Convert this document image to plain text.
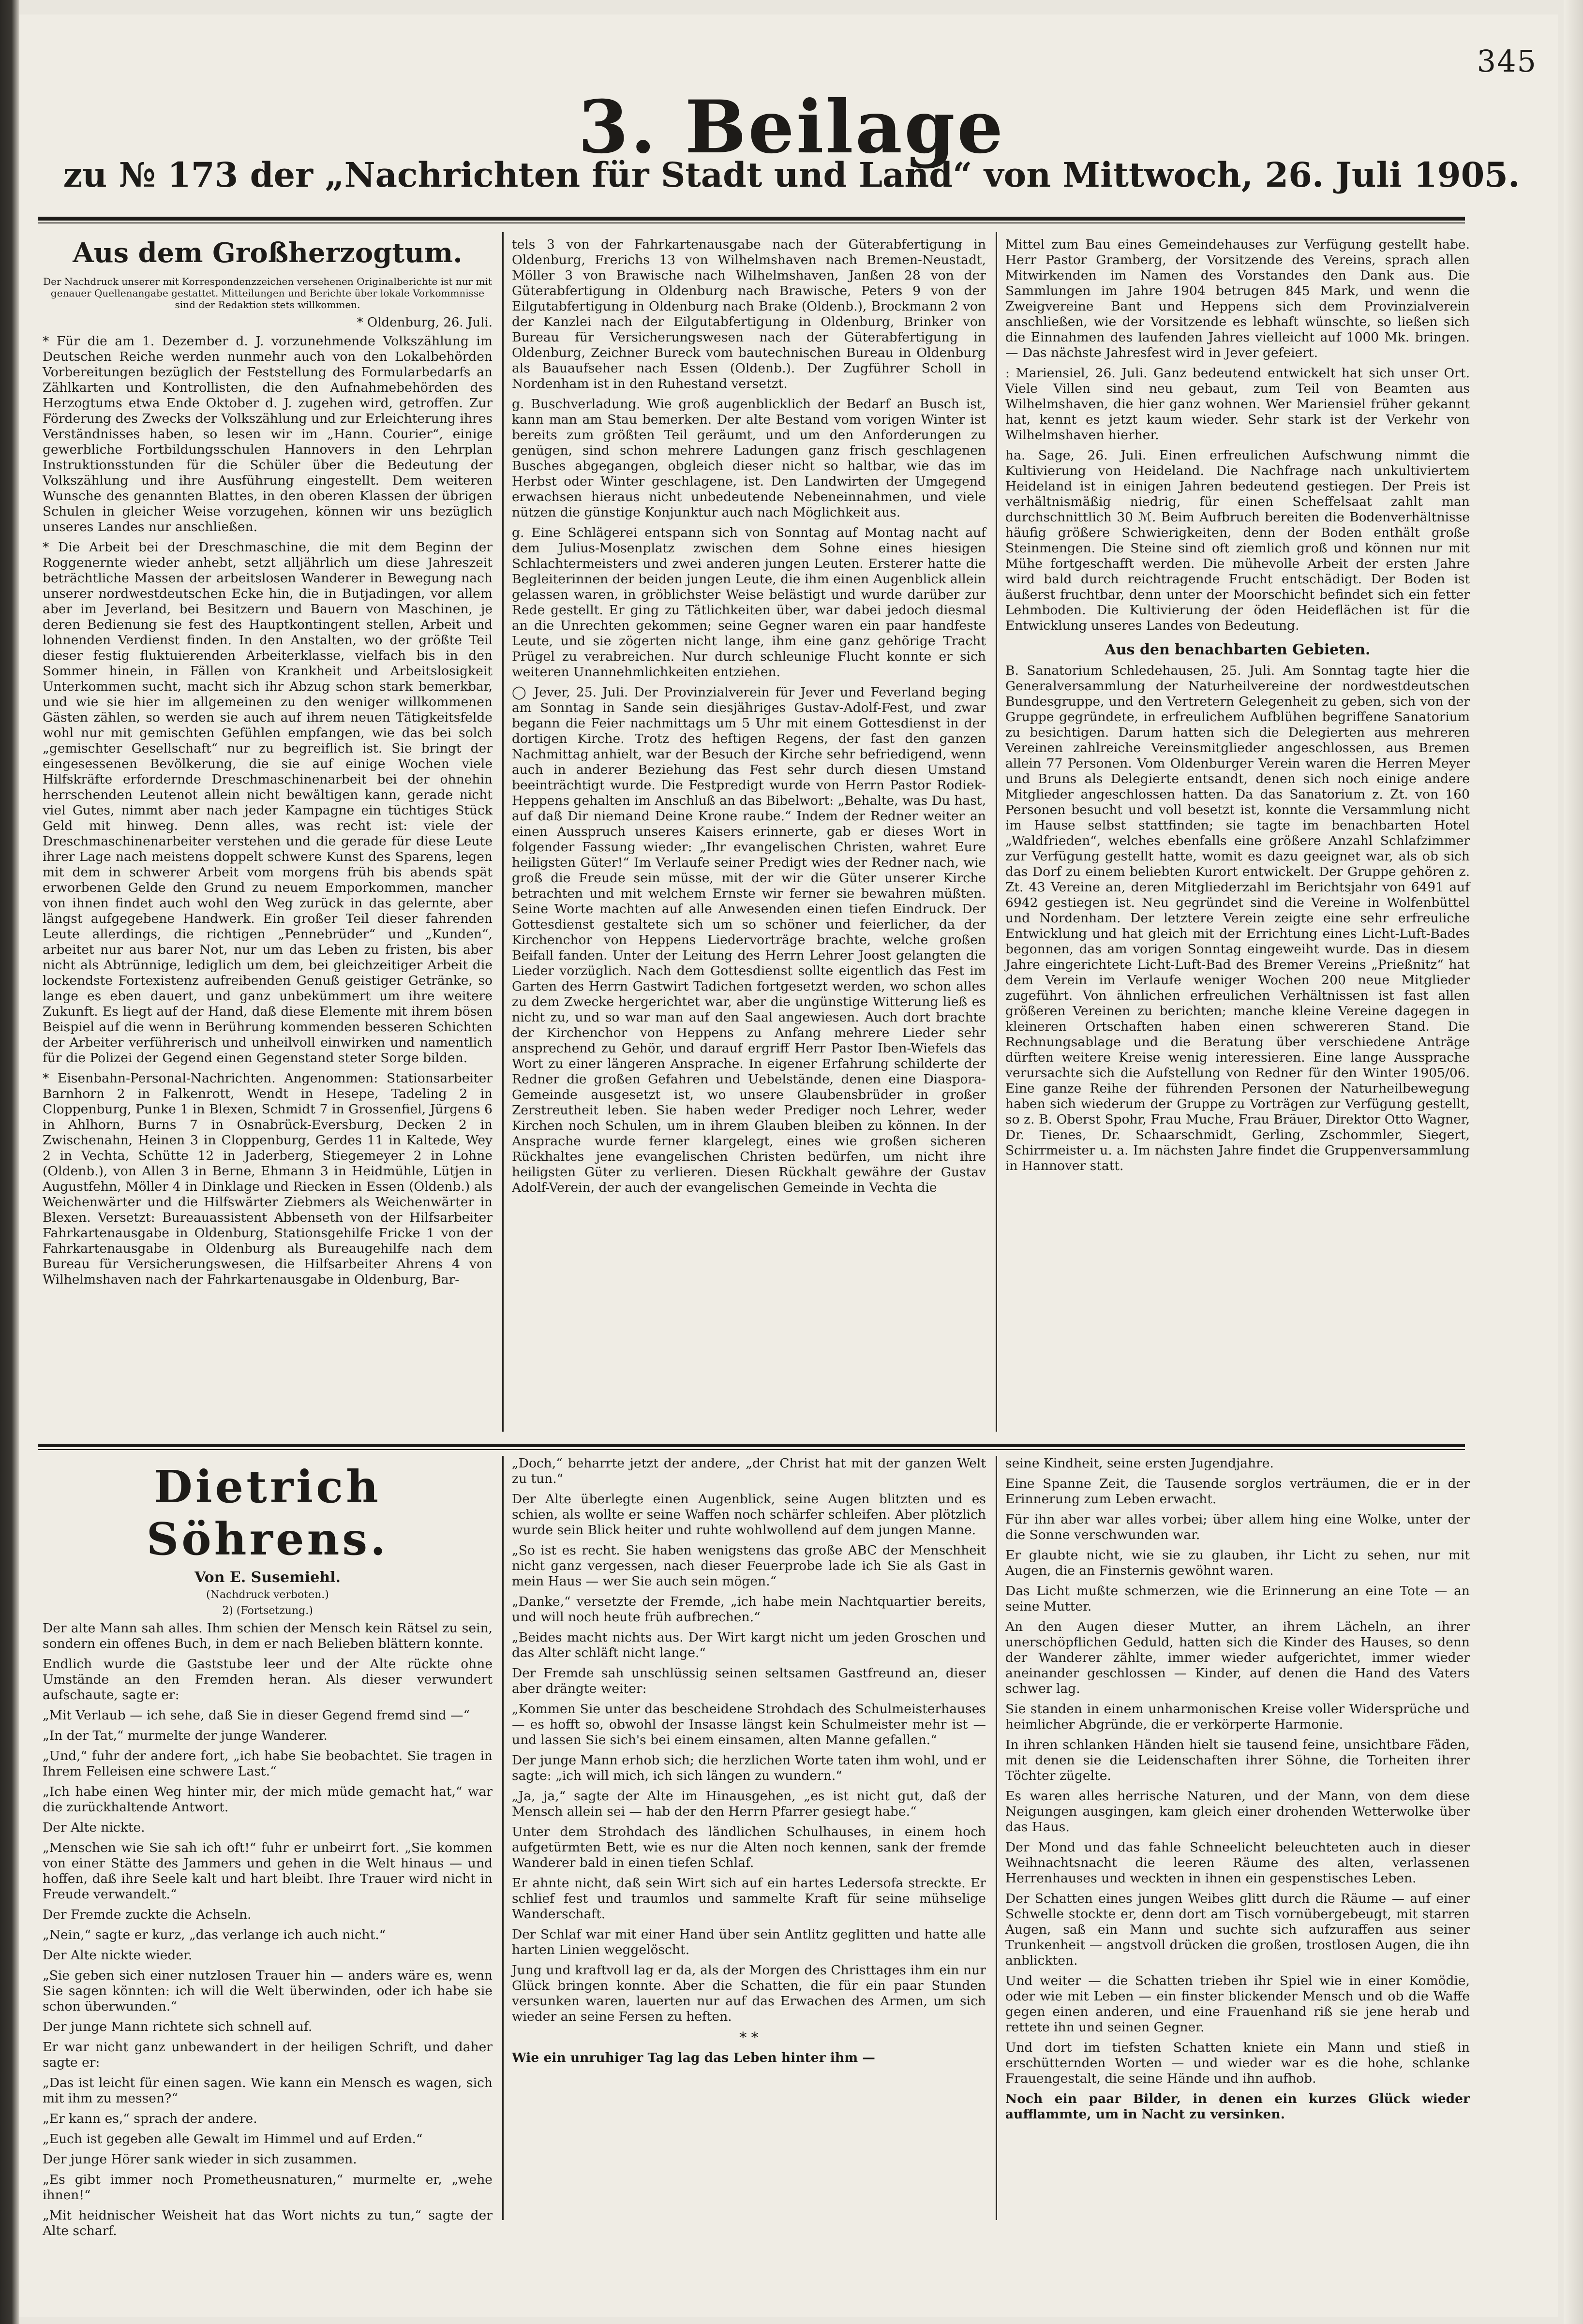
345
3. Beilage
zu № 173 der „Nachrichten für Stadt und Land“ von Mittwoch, 26. Juli 1905.
Aus dem Großherzogtum.
Der Nachdruck unserer mit Korrespondenzzeichen versehenen Originalberichte ist nur mit genauer Quellenangabe gestattet. Mitteilungen und Berichte über lokale Vorkommnisse sind der Redaktion stets willkommen.
* Oldenburg, 26. Juli.

* Für die am 1. Dezember d. J. vorzunehmende Volkszählung im Deutschen Reiche werden nunmehr auch von den Lokalbehörden Vorbereitungen bezüglich der Feststellung des Formularbedarfs an Zählkarten und Kontrollisten, die den Aufnahmebehörden des Herzogtums etwa Ende Oktober d. J. zugehen wird, getroffen. Zur Förderung des Zwecks der Volkszählung und zur Erleichterung ihres Verständnisses haben, so lesen wir im „Hann. Courier“, einige gewerbliche Fortbildungsschulen Hannovers in den Lehrplan Instruktionsstunden für die Schüler über die Bedeutung der Volkszählung und ihre Ausführung eingestellt. Dem weiteren Wunsche des genannten Blattes, in den oberen Klassen der übrigen Schulen in gleicher Weise vorzugehen, können wir uns bezüglich unseres Landes nur anschließen.

* Die Arbeit bei der Dreschmaschine, die mit dem Beginn der Roggenernte wieder anhebt, setzt alljährlich um diese Jahreszeit beträchtliche Massen der arbeitslosen Wanderer in Bewegung nach unserer nordwestdeutschen Ecke hin, die in Butjadingen, vor allem aber im Jeverland, bei Besitzern und Bauern von Maschinen, je deren Bedienung sie fest des Hauptkontingent stellen, Arbeit und lohnenden Verdienst finden. In den Anstalten, wo der größte Teil dieser festig fluktuierenden Arbeiterklasse, vielfach bis in den Sommer hinein, in Fällen von Krankheit und Arbeitslosigkeit Unterkommen sucht, macht sich ihr Abzug schon stark bemerkbar, und wie sie hier im allgemeinen zu den weniger willkommenen Gästen zählen, so werden sie auch auf ihrem neuen Tätigkeitsfelde wohl nur mit gemischten Gefühlen empfangen, wie das bei solch „gemischter Gesellschaft“ nur zu begreiflich ist. Sie bringt der eingesessenen Bevölkerung, die sie auf einige Wochen viele Hilfskräfte erfordernde Dreschmaschinenarbeit bei der ohnehin herrschenden Leutenot allein nicht bewältigen kann, gerade nicht viel Gutes, nimmt aber nach jeder Kampagne ein tüchtiges Stück Geld mit hinweg. Denn alles, was recht ist: viele der Dreschmaschinenarbeiter verstehen und die gerade für diese Leute ihrer Lage nach meistens doppelt schwere Kunst des Sparens, legen mit dem in schwerer Arbeit vom morgens früh bis abends spät erworbenen Gelde den Grund zu neuem Emporkommen, mancher von ihnen findet auch wohl den Weg zurück in das gelernte, aber längst aufgegebene Handwerk. Ein großer Teil dieser fahrenden Leute allerdings, die richtigen „Pennebrüder“ und „Kunden“, arbeitet nur aus barer Not, nur um das Leben zu fristen, bis aber nicht als Abtrünnige, lediglich um dem, bei gleichzeitiger Arbeit die lockendste Fortexistenz aufreibenden Genuß geistiger Getränke, so lange es eben dauert, und ganz unbekümmert um ihre weitere Zukunft. Es liegt auf der Hand, daß diese Elemente mit ihrem bösen Beispiel auf die wenn in Berührung kommenden besseren Schichten der Arbeiter verführerisch und unheilvoll einwirken und namentlich für die Polizei der Gegend einen Gegenstand steter Sorge bilden.

* Eisenbahn-Personal-Nachrichten. Angenommen: Stationsarbeiter Barnhorn 2 in Falkenrott, Wendt in Hesepe, Tadeling 2 in Cloppenburg, Punke 1 in Blexen, Schmidt 7 in Grossenfiel, Jürgens 6 in Ahlhorn, Burns 7 in Osnabrück-Eversburg, Decken 2 in Zwischenahn, Heinen 3 in Cloppenburg, Gerdes 11 in Kaltede, Wey 2 in Vechta, Schütte 12 in Jaderberg, Stiegemeyer 2 in Lohne (Oldenb.), von Allen 3 in Berne, Ehmann 3 in Heidmühle, Lütjen in Augustfehn, Möller 4 in Dinklage und Riecken in Essen (Oldenb.) als Weichenwärter und die Hilfswärter Ziebmers als Weichenwärter in Blexen. Versetzt: Bureauassistent Abbenseth von der Hilfsarbeiter Fahrkartenausgabe in Oldenburg, Stationsgehilfe Fricke 1 von der Fahrkartenausgabe in Oldenburg als Bureaugehilfe nach dem Bureau für Versicherungswesen, die Hilfsarbeiter Ahrens 4 von Wilhelmshaven nach der Fahrkartenausgabe in Oldenburg, Bar-

tels 3 von der Fahrkartenausgabe nach der Güterabfertigung in Oldenburg, Frerichs 13 von Wilhelmshaven nach Bremen-Neustadt, Möller 3 von Brawische nach Wilhelmshaven, Janßen 28 von der Güterabfertigung in Oldenburg nach Brawische, Peters 9 von der Eilgutabfertigung in Oldenburg nach Brake (Oldenb.), Brockmann 2 von der Kanzlei nach der Eilgutabfertigung in Oldenburg, Brinker von Bureau für Versicherungswesen nach der Güterabfertigung in Oldenburg, Zeichner Bureck vom bautechnischen Bureau in Oldenburg als Bauaufseher nach Essen (Oldenb.). Der Zugführer Scholl in Nordenham ist in den Ruhestand versetzt.

g. Buschverladung. Wie groß augenblicklich der Bedarf an Busch ist, kann man am Stau bemerken. Der alte Bestand vom vorigen Winter ist bereits zum größten Teil geräumt, und um den Anforderungen zu genügen, sind schon mehrere Ladungen ganz frisch geschlagenen Busches abgegangen, obgleich dieser nicht so haltbar, wie das im Herbst oder Winter geschlagene, ist. Den Landwirten der Umgegend erwachsen hieraus nicht unbedeutende Nebeneinnahmen, und viele nützen die günstige Konjunktur auch nach Möglichkeit aus.

g. Eine Schlägerei entspann sich von Sonntag auf Montag nacht auf dem Julius-Mosenplatz zwischen dem Sohne eines hiesigen Schlachtermeisters und zwei anderen jungen Leuten. Ersterer hatte die Begleiterinnen der beiden jungen Leute, die ihm einen Augenblick allein gelassen waren, in gröblichster Weise belästigt und wurde darüber zur Rede gestellt. Er ging zu Tätlichkeiten über, war dabei jedoch diesmal an die Unrechten gekommen; seine Gegner waren ein paar handfeste Leute, und sie zögerten nicht lange, ihm eine ganz gehörige Tracht Prügel zu verabreichen. Nur durch schleunige Flucht konnte er sich weiteren Unannehmlichkeiten entziehen.

◯ Jever, 25. Juli. Der Provinzialverein für Jever und Feverland beging am Sonntag in Sande sein diesjähriges Gustav-Adolf-Fest, und zwar begann die Feier nachmittags um 5 Uhr mit einem Gottesdienst in der dortigen Kirche. Trotz des heftigen Regens, der fast den ganzen Nachmittag anhielt, war der Besuch der Kirche sehr befriedigend, wenn auch in anderer Beziehung das Fest sehr durch diesen Umstand beeinträchtigt wurde. Die Festpredigt wurde von Herrn Pastor Rodiek-Heppens gehalten im Anschluß an das Bibelwort: „Behalte, was Du hast, auf daß Dir niemand Deine Krone raube.“ Indem der Redner weiter an einen Ausspruch unseres Kaisers erinnerte, gab er dieses Wort in folgender Fassung wieder: „Ihr evangelischen Christen, wahret Eure heiligsten Güter!“ Im Verlaufe seiner Predigt wies der Redner nach, wie groß die Freude sein müsse, mit der wir die Güter unserer Kirche betrachten und mit welchem Ernste wir ferner sie bewahren müßten. Seine Worte machten auf alle Anwesenden einen tiefen Eindruck. Der Gottesdienst gestaltete sich um so schöner und feierlicher, da der Kirchenchor von Heppens Liedervorträge brachte, welche großen Beifall fanden. Unter der Leitung des Herrn Lehrer Joost gelangten die Lieder vorzüglich. Nach dem Gottesdienst sollte eigentlich das Fest im Garten des Herrn Gastwirt Tadichen fortgesetzt werden, wo schon alles zu dem Zwecke hergerichtet war, aber die ungünstige Witterung ließ es nicht zu, und so war man auf den Saal angewiesen. Auch dort brachte der Kirchenchor von Heppens zu Anfang mehrere Lieder sehr ansprechend zu Gehör, und darauf ergriff Herr Pastor Iben-Wiefels das Wort zu einer längeren Ansprache. In eigener Erfahrung schilderte der Redner die großen Gefahren und Uebelstände, denen eine Diaspora-Gemeinde ausgesetzt ist, wo unsere Glaubensbrüder in großer Zerstreutheit leben. Sie haben weder Prediger noch Lehrer, weder Kirchen noch Schulen, um in ihrem Glauben bleiben zu können. In der Ansprache wurde ferner klargelegt, eines wie großen sicheren Rückhaltes jene evangelischen Christen bedürfen, um nicht ihre heiligsten Güter zu verlieren. Diesen Rückhalt gewähre der Gustav Adolf-Verein, der auch der evangelischen Gemeinde in Vechta die

Mittel zum Bau eines Gemeindehauses zur Verfügung gestellt habe. Herr Pastor Gramberg, der Vorsitzende des Vereins, sprach allen Mitwirkenden im Namen des Vorstandes den Dank aus. Die Sammlungen im Jahre 1904 betrugen 845 Mark, und wenn die Zweigvereine Bant und Heppens sich dem Provinzialverein anschließen, wie der Vorsitzende es lebhaft wünschte, so ließen sich die Einnahmen des laufenden Jahres vielleicht auf 1000 Mk. bringen. — Das nächste Jahresfest wird in Jever gefeiert.

: Mariensiel, 26. Juli. Ganz bedeutend entwickelt hat sich unser Ort. Viele Villen sind neu gebaut, zum Teil von Beamten aus Wilhelmshaven, die hier ganz wohnen. Wer Mariensiel früher gekannt hat, kennt es jetzt kaum wieder. Sehr stark ist der Verkehr von Wilhelmshaven hierher.

ha. Sage, 26. Juli. Einen erfreulichen Aufschwung nimmt die Kultivierung von Heideland. Die Nachfrage nach unkultiviertem Heideland ist in einigen Jahren bedeutend gestiegen. Der Preis ist verhältnismäßig niedrig, für einen Scheffelsaat zahlt man durchschnittlich 30 ℳ. Beim Aufbruch bereiten die Bodenverhältnisse häufig größere Schwierigkeiten, denn der Boden enthält große Steinmengen. Die Steine sind oft ziemlich groß und können nur mit Mühe fortgeschafft werden. Die mühevolle Arbeit der ersten Jahre wird bald durch reichtragende Frucht entschädigt. Der Boden ist äußerst fruchtbar, denn unter der Moorschicht befindet sich ein fetter Lehmboden. Die Kultivierung der öden Heideflächen ist für die Entwicklung unseres Landes von Bedeutung.

Aus den benachbarten Gebieten.

B. Sanatorium Schledehausen, 25. Juli. Am Sonntag tagte hier die Generalversammlung der Naturheilvereine der nordwestdeutschen Bundesgruppe, und den Vertretern Gelegenheit zu geben, sich von der Gruppe gegründete, in erfreulichem Aufblühen begriffene Sanatorium zu besichtigen. Darum hatten sich die Delegierten aus mehreren Vereinen zahlreiche Vereinsmitglieder angeschlossen, aus Bremen allein 77 Personen. Vom Oldenburger Verein waren die Herren Meyer und Bruns als Delegierte entsandt, denen sich noch einige andere Mitglieder angeschlossen hatten. Da das Sanatorium z. Zt. von 160 Personen besucht und voll besetzt ist, konnte die Versammlung nicht im Hause selbst stattfinden; sie tagte im benachbarten Hotel „Waldfrieden“, welches ebenfalls eine größere Anzahl Schlafzimmer zur Verfügung gestellt hatte, womit es dazu geeignet war, als ob sich das Dorf zu einem beliebten Kurort entwickelt. Der Gruppe gehören z. Zt. 43 Vereine an, deren Mitgliederzahl im Berichtsjahr von 6491 auf 6942 gestiegen ist. Neu gegründet sind die Vereine in Wolfenbüttel und Nordenham. Der letztere Verein zeigte eine sehr erfreuliche Entwicklung und hat gleich mit der Errichtung eines Licht-Luft-Bades begonnen, das am vorigen Sonntag eingeweiht wurde. Das in diesem Jahre eingerichtete Licht-Luft-Bad des Bremer Vereins „Prießnitz“ hat dem Verein im Verlaufe weniger Wochen 200 neue Mitglieder zugeführt. Von ähnlichen erfreulichen Verhältnissen ist fast allen größeren Vereinen zu berichten; manche kleine Vereine dagegen in kleineren Ortschaften haben einen schwereren Stand. Die Rechnungsablage und die Beratung über verschiedene Anträge dürften weitere Kreise wenig interessieren. Eine lange Aussprache verursachte sich die Aufstellung von Redner für den Winter 1905/06. Eine ganze Reihe der führenden Personen der Naturheilbewegung haben sich wiederum der Gruppe zu Vorträgen zur Verfügung gestellt, so z. B. Oberst Spohr, Frau Muche, Frau Bräuer, Direktor Otto Wagner, Dr. Tienes, Dr. Schaarschmidt, Gerling, Zschommler, Siegert, Schirrmeister u. a. Im nächsten Jahre findet die Gruppenversammlung in Hannover statt.

Dietrich Söhrens.
Von E. Susemiehl.
(Nachdruck verboten.)
2) (Fortsetzung.)

Der alte Mann sah alles. Ihm schien der Mensch kein Rätsel zu sein, sondern ein offenes Buch, in dem er nach Belieben blättern konnte.

Endlich wurde die Gaststube leer und der Alte rückte ohne Umstände an den Fremden heran. Als dieser verwundert aufschaute, sagte er:

„Mit Verlaub — ich sehe, daß Sie in dieser Gegend fremd sind —“

„In der Tat,“ murmelte der junge Wanderer.

„Und,“ fuhr der andere fort, „ich habe Sie beobachtet. Sie tragen in Ihrem Felleisen eine schwere Last.“

„Ich habe einen Weg hinter mir, der mich müde gemacht hat,“ war die zurückhaltende Antwort.

Der Alte nickte.

„Menschen wie Sie sah ich oft!“ fuhr er unbeirrt fort. „Sie kommen von einer Stätte des Jammers und gehen in die Welt hinaus — und hoffen, daß ihre Seele kalt und hart bleibt. Ihre Trauer wird nicht in Freude verwandelt.“

Der Fremde zuckte die Achseln.

„Nein,“ sagte er kurz, „das verlange ich auch nicht.“

Der Alte nickte wieder.

„Sie geben sich einer nutzlosen Trauer hin — anders wäre es, wenn Sie sagen könnten: ich will die Welt überwinden, oder ich habe sie schon überwunden.“

Der junge Mann richtete sich schnell auf.

Er war nicht ganz unbewandert in der heiligen Schrift, und daher sagte er:

„Das ist leicht für einen sagen. Wie kann ein Mensch es wagen, sich mit ihm zu messen?“

„Er kann es,“ sprach der andere.

„Euch ist gegeben alle Gewalt im Himmel und auf Erden.“

Der junge Hörer sank wieder in sich zusammen.

„Es gibt immer noch Prometheusnaturen,“ murmelte er, „wehe ihnen!“

„Mit heidnischer Weisheit hat das Wort nichts zu tun,“ sagte der Alte scharf.

„Doch,“ beharrte jetzt der andere, „der Christ hat mit der ganzen Welt zu tun.“

Der Alte überlegte einen Augenblick, seine Augen blitzten und es schien, als wollte er seine Waffen noch schärfer schleifen. Aber plötzlich wurde sein Blick heiter und ruhte wohlwollend auf dem jungen Manne.

„So ist es recht. Sie haben wenigstens das große ABC der Menschheit nicht ganz vergessen, nach dieser Feuerprobe lade ich Sie als Gast in mein Haus — wer Sie auch sein mögen.“

„Danke,“ versetzte der Fremde, „ich habe mein Nachtquartier bereits, und will noch heute früh aufbrechen.“

„Beides macht nichts aus. Der Wirt kargt nicht um jeden Groschen und das Alter schläft nicht lange.“

Der Fremde sah unschlüssig seinen seltsamen Gastfreund an, dieser aber drängte weiter:

„Kommen Sie unter das bescheidene Strohdach des Schulmeisterhauses — es hofft so, obwohl der Insasse längst kein Schulmeister mehr ist — und lassen Sie sich's bei einem einsamen, alten Manne gefallen.“

Der junge Mann erhob sich; die herzlichen Worte taten ihm wohl, und er sagte: „ich will mich, ich sich längen zu wundern.“

„Ja, ja,“ sagte der Alte im Hinausgehen, „es ist nicht gut, daß der Mensch allein sei — hab der den Herrn Pfarrer gesiegt habe.“

Unter dem Strohdach des ländlichen Schulhauses, in einem hoch aufgetürmten Bett, wie es nur die Alten noch kennen, sank der fremde Wanderer bald in einen tiefen Schlaf.

Er ahnte nicht, daß sein Wirt sich auf ein hartes Ledersofa streckte. Er schlief fest und traumlos und sammelte Kraft für seine mühselige Wanderschaft.

Der Schlaf war mit einer Hand über sein Antlitz geglitten und hatte alle harten Linien weggelöscht.

Jung und kraftvoll lag er da, als der Morgen des Christtages ihm ein nur Glück bringen konnte. Aber die Schatten, die für ein paar Stunden versunken waren, lauerten nur auf das Erwachen des Armen, um sich wieder an seine Fersen zu heften.

* *

Wie ein unruhiger Tag lag das Leben hinter ihm —

seine Kindheit, seine ersten Jugendjahre.

Eine Spanne Zeit, die Tausende sorglos verträumen, die er in der Erinnerung zum Leben erwacht.

Für ihn aber war alles vorbei; über allem hing eine Wolke, unter der die Sonne verschwunden war.

Er glaubte nicht, wie sie zu glauben, ihr Licht zu sehen, nur mit Augen, die an Finsternis gewöhnt waren.

Das Licht mußte schmerzen, wie die Erinnerung an eine Tote — an seine Mutter.

An den Augen dieser Mutter, an ihrem Lächeln, an ihrer unerschöpflichen Geduld, hatten sich die Kinder des Hauses, so denn der Wanderer zählte, immer wieder aufgerichtet, immer wieder aneinander geschlossen — Kinder, auf denen die Hand des Vaters schwer lag.

Sie standen in einem unharmonischen Kreise voller Widersprüche und heimlicher Abgründe, die er verkörperte Harmonie.

In ihren schlanken Händen hielt sie tausend feine, unsichtbare Fäden, mit denen sie die Leidenschaften ihrer Söhne, die Torheiten ihrer Töchter zügelte.

Es waren alles herrische Naturen, und der Mann, von dem diese Neigungen ausgingen, kam gleich einer drohenden Wetterwolke über das Haus.

Der Mond und das fahle Schneelicht beleuchteten auch in dieser Weihnachtsnacht die leeren Räume des alten, verlassenen Herrenhauses und weckten in ihnen ein gespenstisches Leben.

Der Schatten eines jungen Weibes glitt durch die Räume — auf einer Schwelle stockte er, denn dort am Tisch vornübergebeugt, mit starren Augen, saß ein Mann und suchte sich aufzuraffen aus seiner Trunkenheit — angstvoll drücken die großen, trostlosen Augen, die ihn anblickten.

Und weiter — die Schatten trieben ihr Spiel wie in einer Komödie, oder wie mit Leben — ein finster blickender Mensch und ob die Waffe gegen einen anderen, und eine Frauenhand riß sie jene herab und rettete ihn und seinen Gegner.

Und dort im tiefsten Schatten kniete ein Mann und stieß in erschütternden Worten — und wieder war es die hohe, schlanke Frauengestalt, die seine Hände und ihn aufhob.

Noch ein paar Bilder, in denen ein kurzes Glück wieder aufflammte, um in Nacht zu versinken.
